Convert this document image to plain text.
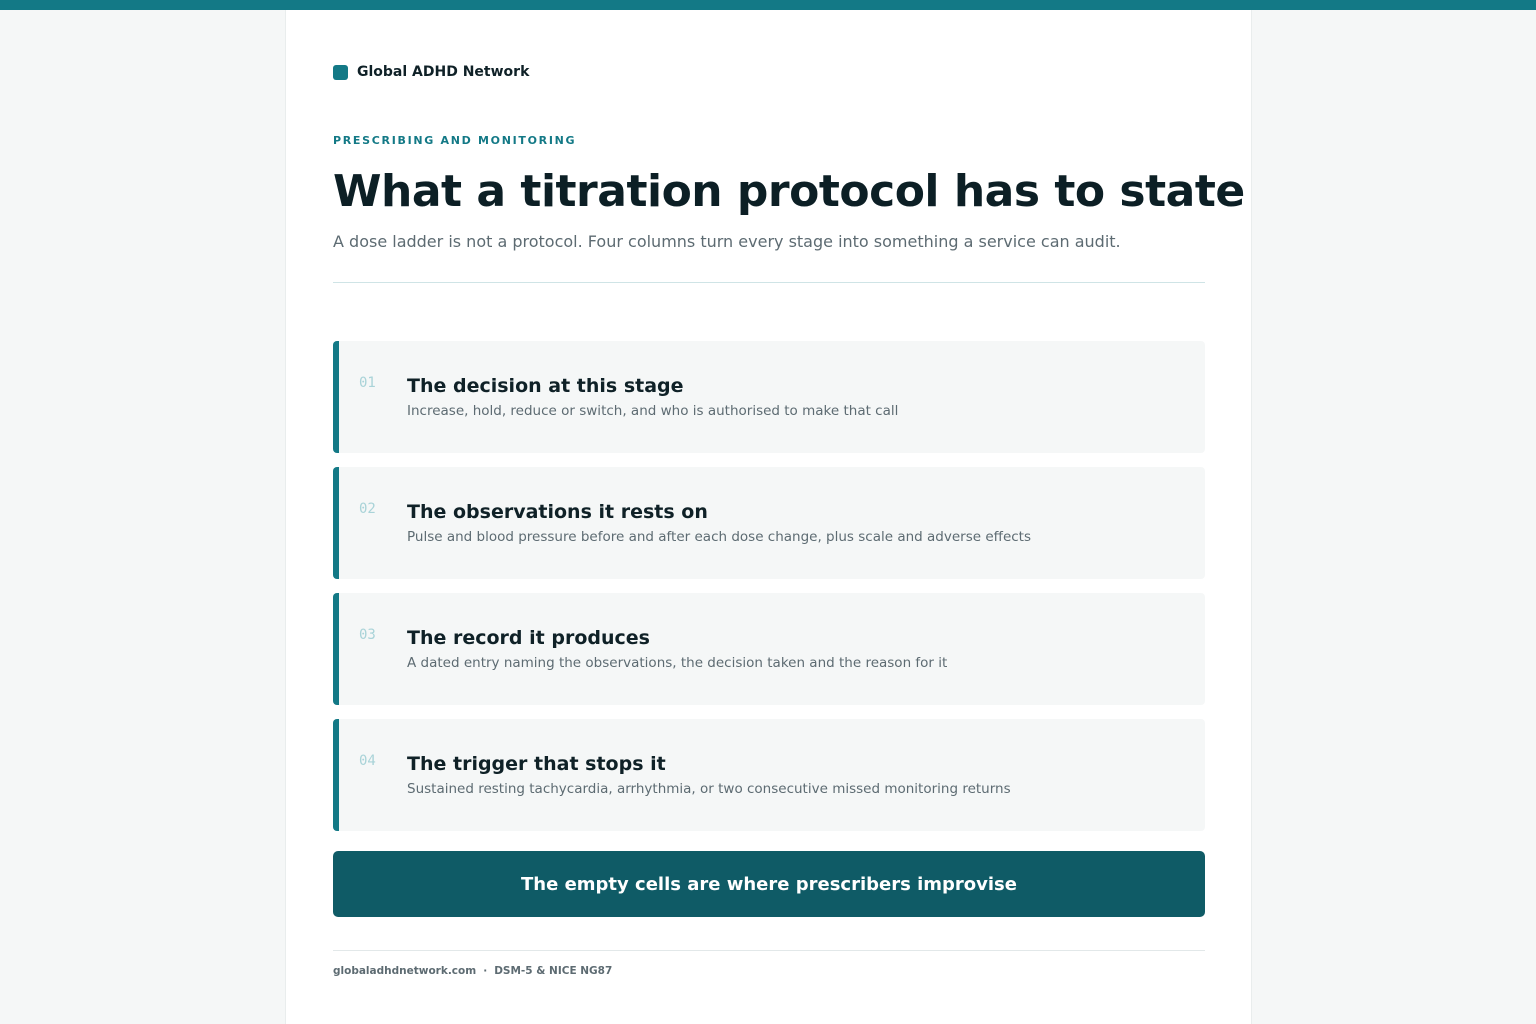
Global ADHD Network
PRESCRIBING AND MONITORING
What a titration protocol has to state
A dose ladder is not a protocol. Four columns turn every stage into something a service can audit.
01 The decision at this stage
Increase, hold, reduce or switch, and who is authorised to make that call
02 The observations it rests on
Pulse and blood pressure before and after each dose change, plus scale and adverse effects
03 The record it produces
A dated entry naming the observations, the decision taken and the reason for it
04 The trigger that stops it
Sustained resting tachycardia, arrhythmia, or two consecutive missed monitoring returns
The empty cells are where prescribers improvise
globaladhdnetwork.com · DSM-5 & NICE NG87
